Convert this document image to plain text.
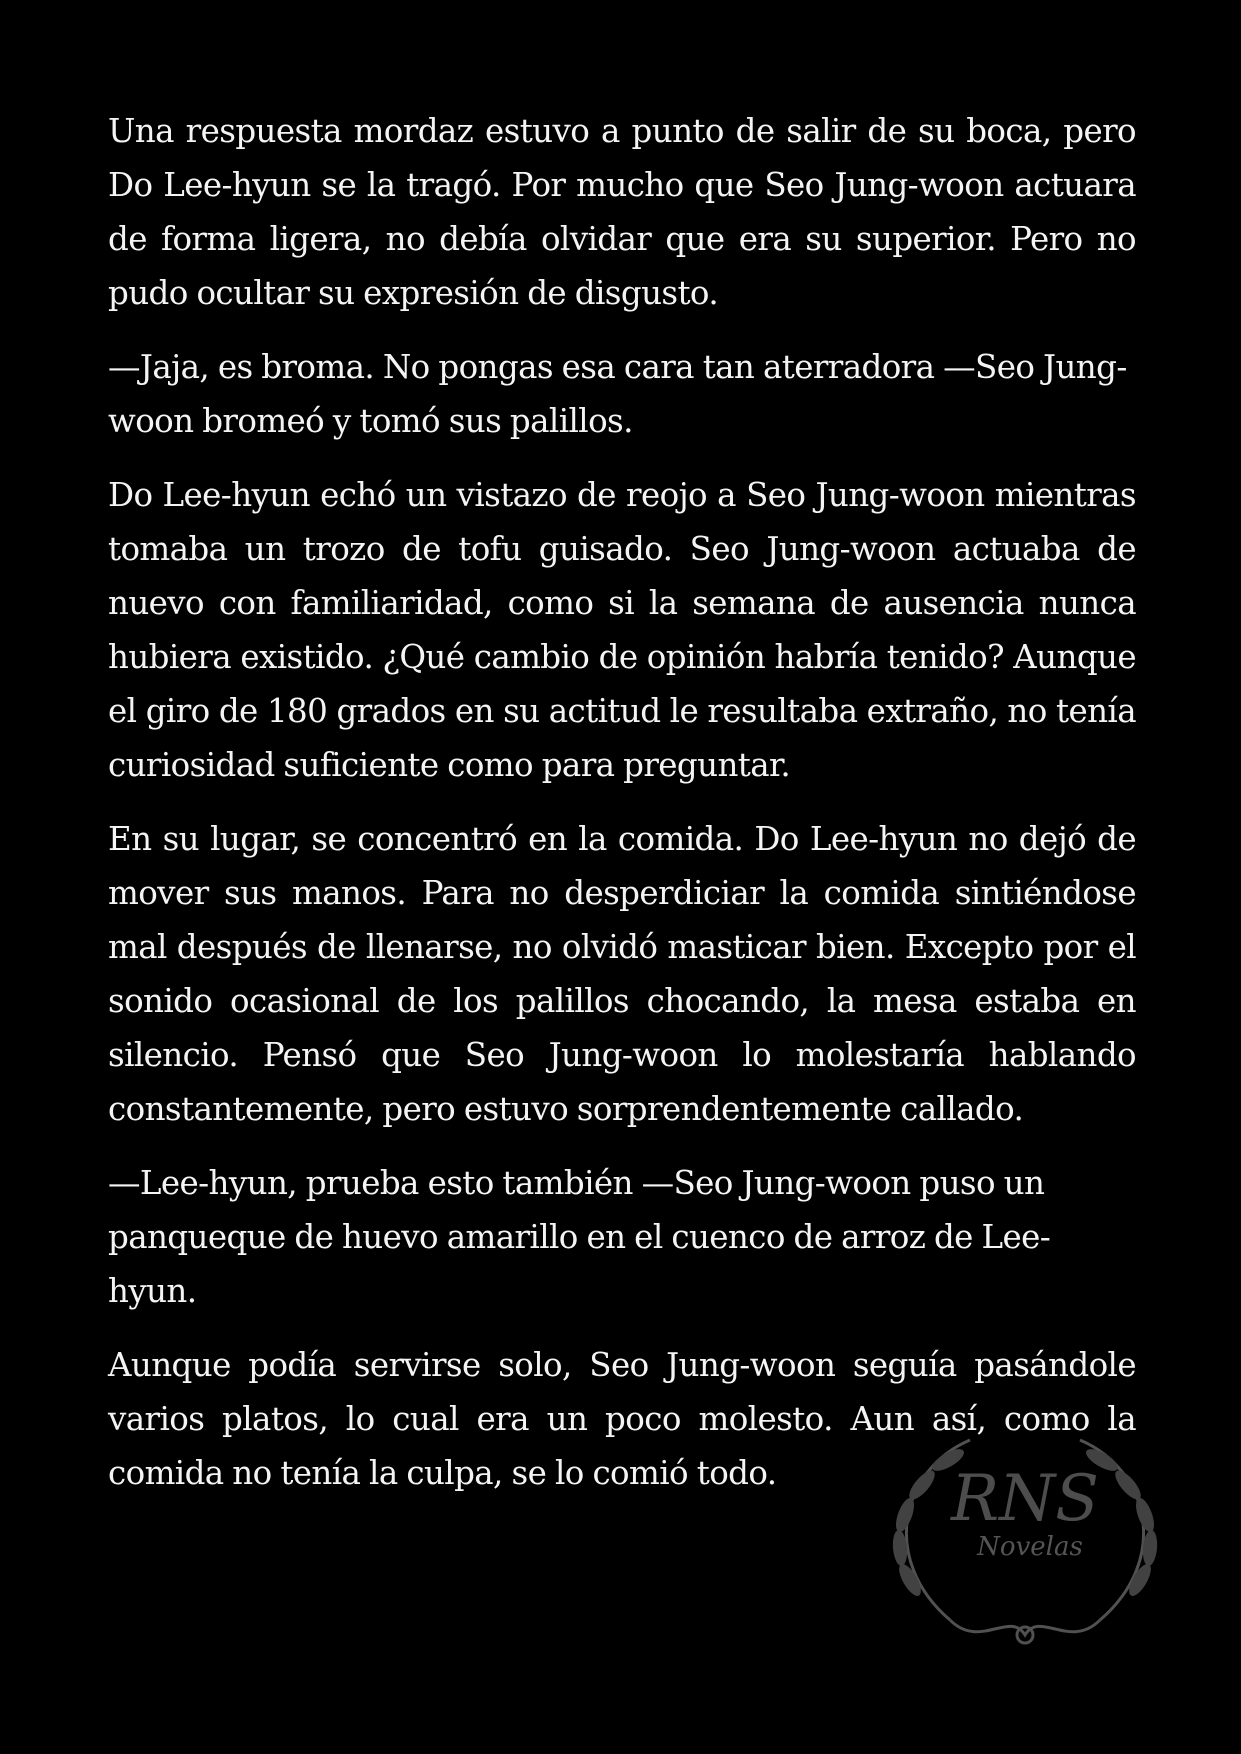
Una respuesta mordaz estuvo a punto de salir de su boca, pero Do Lee-hyun se la tragó. Por mucho que Seo Jung-woon actuara de forma ligera, no debía olvidar que era su superior. Pero no pudo ocultar su expresión de disgusto.

—Jaja, es broma. No pongas esa cara tan aterradora —Seo Jung-woon bromeó y tomó sus palillos.

Do Lee-hyun echó un vistazo de reojo a Seo Jung-woon mientras tomaba un trozo de tofu guisado. Seo Jung-woon actuaba de nuevo con familiaridad, como si la semana de ausencia nunca hubiera existido. ¿Qué cambio de opinión habría tenido? Aunque el giro de 180 grados en su actitud le resultaba extraño, no tenía curiosidad suficiente como para preguntar.

En su lugar, se concentró en la comida. Do Lee-hyun no dejó de mover sus manos. Para no desperdiciar la comida sintiéndose mal después de llenarse, no olvidó masticar bien. Excepto por el sonido ocasional de los palillos chocando, la mesa estaba en silencio. Pensó que Seo Jung-woon lo molestaría hablando constantemente, pero estuvo sorprendentemente callado.

—Lee-hyun, prueba esto también —Seo Jung-woon puso un panqueque de huevo amarillo en el cuenco de arroz de Lee-hyun.

Aunque podía servirse solo, Seo Jung-woon seguía pasándole varios platos, lo cual era un poco molesto. Aun así, como la comida no tenía la culpa, se lo comió todo.	RNS
Novelas
